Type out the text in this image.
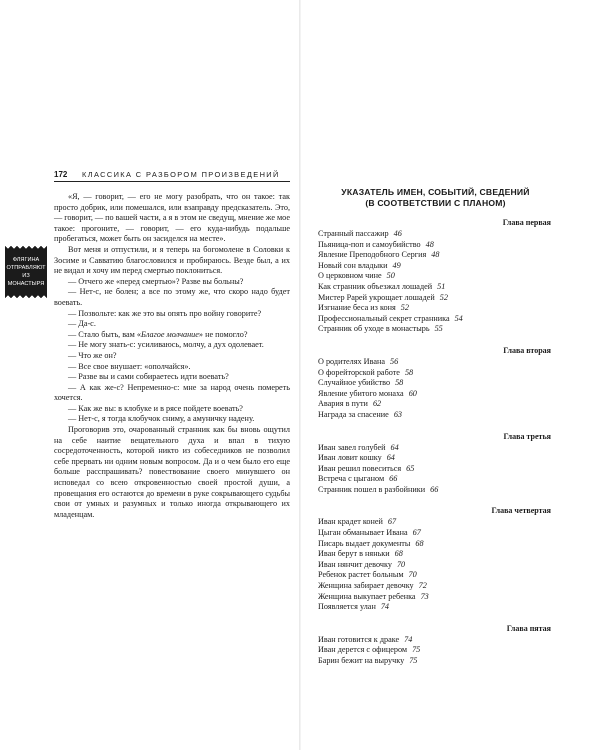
ФЛЯГИНА
ОТПРАВЛЯЮТ
ИЗ МОНАСТЫРЯ
172	КЛАССИКА С РАЗБОРОМ ПРОИЗВЕДЕНИЙ

«Я, — говорит, — его не могу разобрать, что он такое: так просто добрик, или помешался, или взаправду предсказатель. Это, — говорит, — по вашей части, а я в этом не сведущ, мнение же мое такое: прогоните, — говорит, — его куда-нибудь подальше пробегаться, может быть он засиделся на месте».

Вот меня и отпустили, и я теперь на богомолене в Соловки к Зосиме и Савватию благословился и пробираюсь. Везде был, а их не видал и хочу им перед смертью поклониться.

— Отчего же «перед смертью»? Разве вы больны?

— Нет-с, не болен; а все по этому же, что скоро надо будет воевать.

— Позвольте: как же это вы опять про войну говорите?

— Да-с.

— Стало быть, вам «Благое молчание» не помогло?

— Не могу знать-с: усиливаюсь, молчу, а дух одолевает.

— Что же он?

— Все свое внушает: «ополчайся».

— Разве вы и сами собираетесь идти воевать?

— А как же-с? Непременно-с: мне за народ очень помереть хочется.

— Как же вы: в клобуке и в рясе пойдете воевать?

— Нет-с, я тогда клобучок сниму, а амуничку надену.

Проговорив это, очарованный странник как бы вновь ощутил на себе наитие вещательного духа и впал в тихую сосредоточенность, которой никто из собеседников не позволил себе прервать ни одним новым вопросом. Да и о чем было его еще больше расспрашивать? повествование своего минувшего он исповедал со всею откровенностью своей простой души, а провещания его остаются до времени в руке сокрывающего судьбы свои от умных и разумных и только иногда открывающего их младенцам.

УКАЗАТЕЛЬ ИМЕН, СОБЫТИЙ, СВЕДЕНИЙ
(В СООТВЕТСТВИИ С ПЛАНОМ)
Глава первая
Странный пассажир 46
Пьяница-поп и самоубийство 48
Явление Преподобного Сергия 48
Новый сон владыки 49
О церковном чине 50
Как странник объезжал лошадей 51
Мистер Рарей укрощает лошадей 52
Изгнание беса из коня 52
Профессиональный секрет странника 54
Странник об уходе в монастырь 55
Глава вторая
О родителях Ивана 56
О форейторской работе 58
Случайное убийство 58
Явление убитого монаха 60
Авария в пути 62
Награда за спасение 63
Глава третья
Иван завел голубей 64
Иван ловит кошку 64
Иван решил повеситься 65
Встреча с цыганом 66
Странник пошел в разбойники 66
Глава четвертая
Иван крадет коней 67
Цыган обманывает Ивана 67
Писарь выдает документы 68
Иван берут в няньки 68
Иван нянчит девочку 70
Ребенок растет больным 70
Женщина забирает девочку 72
Женщина выкупает ребенка 73
Появляется улан 74
Глава пятая
Иван готовится к драке 74
Иван дерется с офицером 75
Барин бежит на выручку 75
